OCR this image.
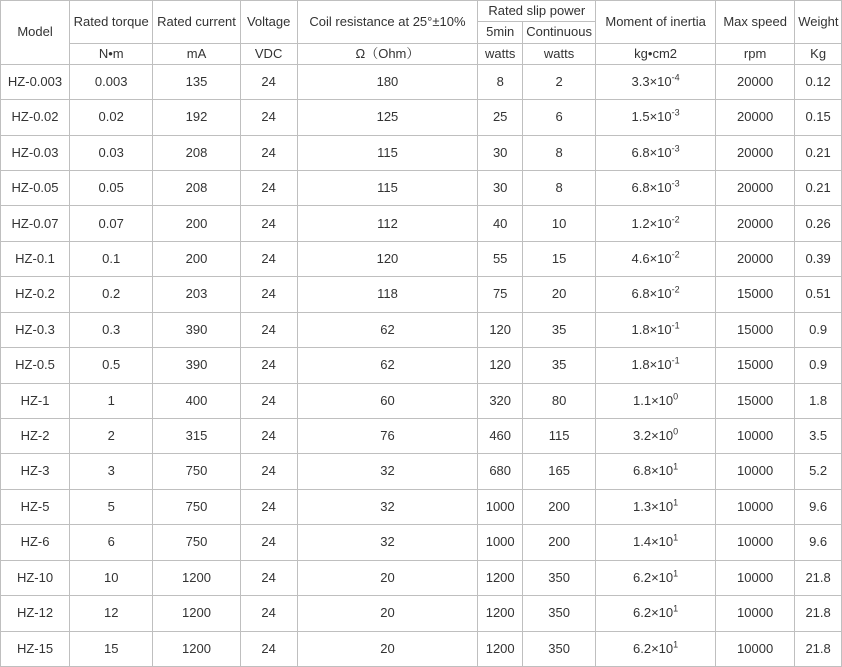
Model	Rated torque	Rated current	Voltage	Coil resistance at 25°±10%	Rated slip power		Moment of inertia	Max speed	Weight
					5min	Continuous			
	N•m	mA	VDC	Ω（Ohm）	watts	watts	kg•cm2	rpm	Kg
HZ-0.003	0.003	135	24	180	8	2	$3.3\times 10^{-4}$	20000	0.12
HZ-0.02	0.02	192	24	125	25	6	$1.5\times 10^{-3}$	20000	0.15
HZ-0.03	0.03	208	24	115	30	8	$6.8\times 10^{-3}$	20000	0.21
HZ-0.05	0.05	208	24	115	30	8	$6.8\times 10^{-3}$	20000	0.21
HZ-0.07	0.07	200	24	112	40	10	$1.2\times 10^{-2}$	20000	0.26
HZ-0.1	0.1	200	24	120	55	15	$4.6\times 10^{-2}$	20000	0.39
HZ-0.2	0.2	203	24	118	75	20	$6.8\times 10^{-2}$	15000	0.51
HZ-0.3	0.3	390	24	62	120	35	$1.8\times 10^{-1}$	15000	0.9
HZ-0.5	0.5	390	24	62	120	35	$1.8\times 10^{-1}$	15000	0.9
HZ-1	1	400	24	60	320	80	$1.1\times 10^0$	15000	1.8
HZ-2	2	315	24	76	460	115	$3.2\times 10^0$	10000	3.5
HZ-3	3	750	24	32	680	165	$6.8\times 10^1$	10000	5.2
HZ-5	5	750	24	32	1000	200	$1.3\times 10^1$	10000	9.6
HZ-6	6	750	24	32	1000	200	$1.4\times 10^1$	10000	9.6
HZ-10	10	1200	24	20	1200	350	$6.2\times 10^1$	10000	21.8
HZ-12	12	1200	24	20	1200	350	$6.2\times 10^1$	10000	21.8
HZ-15	15	1200	24	20	1200	350	$6.2\times 10^1$	10000	21.8
